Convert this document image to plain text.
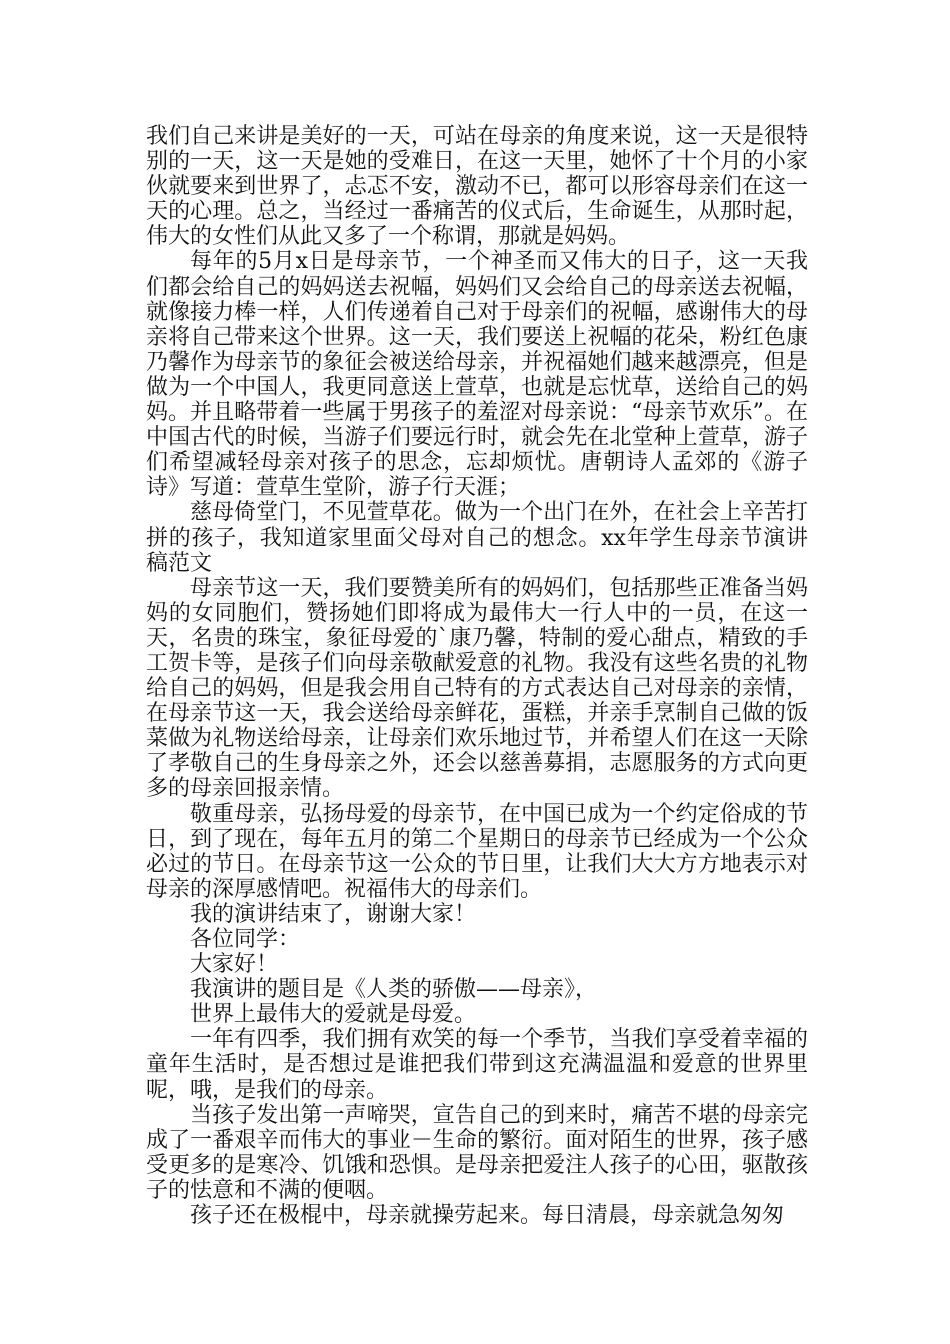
我们自己来讲是美好的一天，可站在母亲的角度来说，这一天是很特别的一天，这一天是她的受难日，在这一天里，她怀了十个月的小家伙就要来到世界了，忐忑不安，激动不已，都可以形容母亲们在这一天的心理。总之，当经过一番痛苦的仪式后，生命诞生，从那时起，伟大的女性们从此又多了一个称谓，那就是妈妈。

每年的5月x日是母亲节，一个神圣而又伟大的日子，这一天我们都会给自己的妈妈送去祝幅，妈妈们又会给自己的母亲送去祝幅，就像接力棒一样，人们传递着自己对于母亲们的祝幅，感谢伟大的母亲将自己带来这个世界。这一天，我们要送上祝幅的花朵，粉红色康乃馨作为母亲节的象征会被送给母亲，并祝福她们越来越漂亮，但是做为一个中国人，我更同意送上萱草，也就是忘忧草，送给自己的妈妈。并且略带着一些属于男孩子的羞涩对母亲说：“母亲节欢乐”。在中国古代的时候，当游子们要远行时，就会先在北堂种上萱草，游子们希望减轻母亲对孩子的思念，忘却烦忧。唐朝诗人孟郊的《游子诗》写道：萱草生堂阶，游子行天涯；

慈母倚堂门，不见萱草花。做为一个出门在外，在社会上辛苦打拼的孩子，我知道家里面父母对自己的想念。xx年学生母亲节演讲稿范文

母亲节这一天，我们要赞美所有的妈妈们，包括那些正准备当妈妈的女同胞们，赞扬她们即将成为最伟大一行人中的一员，在这一天，名贵的珠宝，象征母爱的`康乃馨，特制的爱心甜点，精致的手工贺卡等，是孩子们向母亲敬献爱意的礼物。我没有这些名贵的礼物给自己的妈妈，但是我会用自己特有的方式表达自己对母亲的亲情，在母亲节这一天，我会送给母亲鲜花，蛋糕，并亲手烹制自己做的饭菜做为礼物送给母亲，让母亲们欢乐地过节，并希望人们在这一天除了孝敬自己的生身母亲之外，还会以慈善募捐，志愿服务的方式向更多的母亲回报亲情。

敬重母亲，弘扬母爱的母亲节，在中国已成为一个约定俗成的节日，到了现在，每年五月的第二个星期日的母亲节已经成为一个公众必过的节日。在母亲节这一公众的节日里，让我们大大方方地表示对母亲的深厚感情吧。祝福伟大的母亲们。

我的演讲结束了，谢谢大家！

各位同学：

大家好！

我演讲的题目是《人类的骄傲——母亲》，

世界上最伟大的爱就是母爱。

一年有四季，我们拥有欢笑的每一个季节，当我们享受着幸福的童年生活时，是否想过是谁把我们带到这充满温温和爱意的世界里呢，哦，是我们的母亲。

当孩子发出第一声啼哭，宣告自己的到来时，痛苦不堪的母亲完成了一番艰辛而伟大的事业－生命的繁衍。面对陌生的世界，孩子感受更多的是寒冷、饥饿和恐惧。是母亲把爱注人孩子的心田，驱散孩子的怯意和不满的便咽。

孩子还在极棍中，母亲就操劳起来。每日清晨，母亲就急匆匆
